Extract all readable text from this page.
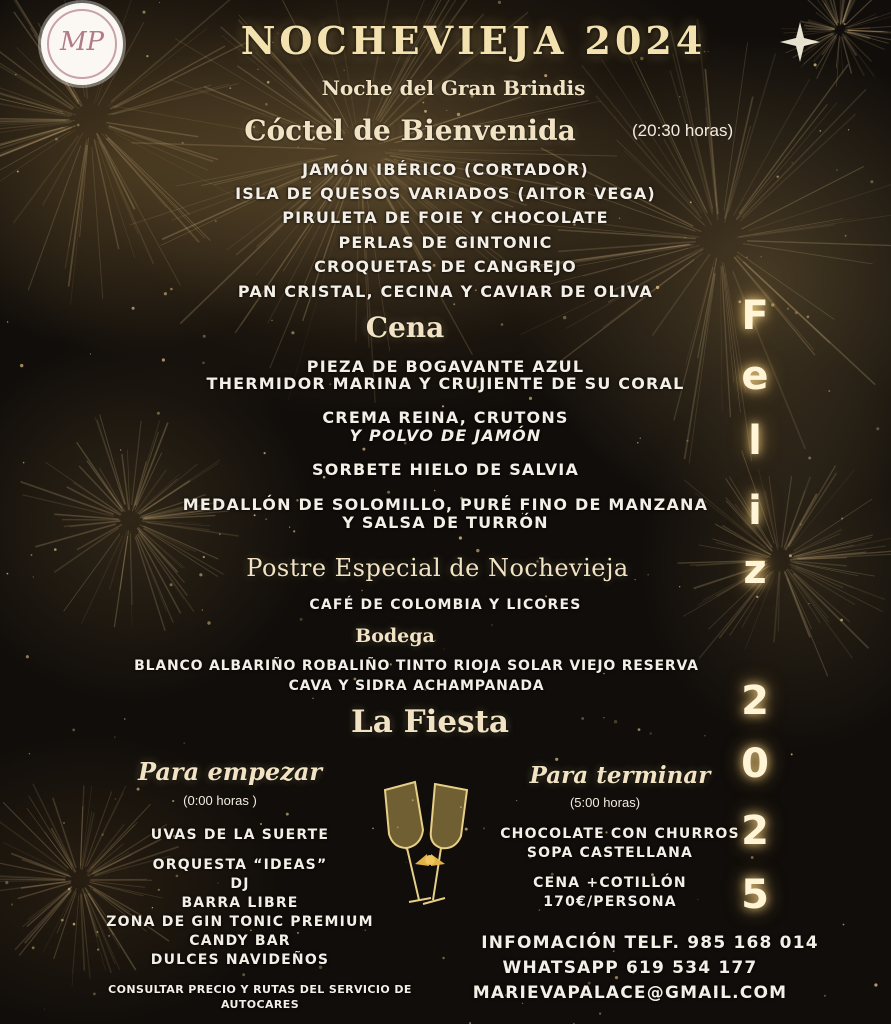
MP	NOCHEVIEJA 2024
Noche del Gran Brindis
Cóctel de Bienvenida	(20:30 horas)
JAMÓN IBÉRICO (CORTADOR)
ISLA DE QUESOS VARIADOS (AITOR VEGA)
PIRULETA DE FOIE Y CHOCOLATE
PERLAS DE GINTONIC
CROQUETAS DE CANGREJO
PAN CRISTAL, CECINA Y CAVIAR DE OLIVA
Cena
PIEZA DE BOGAVANTE AZUL
THERMIDOR MARINA Y CRUJIENTE DE SU CORAL
CREMA REINA, CRUTONS
Y POLVO DE JAMÓN
SORBETE HIELO DE SALVIA
MEDALLÓN DE SOLOMILLO, PURÉ FINO DE MANZANA
Y SALSA DE TURRÓN
Postre Especial de Nochevieja
CAFÉ DE COLOMBIA Y LICORES
Bodega
BLANCO ALBARIÑO ROBALIÑO TINTO RIOJA SOLAR VIEJO RESERVA
CAVA Y SIDRA ACHAMPANADA
La Fiesta
Para empezar
(0:00 horas )
UVAS DE LA SUERTE
ORQUESTA “IDEAS”
DJ
BARRA LIBRE
ZONA DE GIN TONIC PREMIUM
CANDY BAR
DULCES NAVIDEÑOS
CONSULTAR PRECIO Y RUTAS DEL SERVICIO DE
AUTOCARES
Para terminar
(5:00 horas)
CHOCOLATE CON CHURROS
SOPA CASTELLANA
CENA +COTILLÓN
170€/PERSONA
INFOMACIÓN TELF. 985 168 014
WHATSAPP 619 534 177
MARIEVAPALACE@GMAIL.COM
F
e
l
i
z
2
0
2
5
